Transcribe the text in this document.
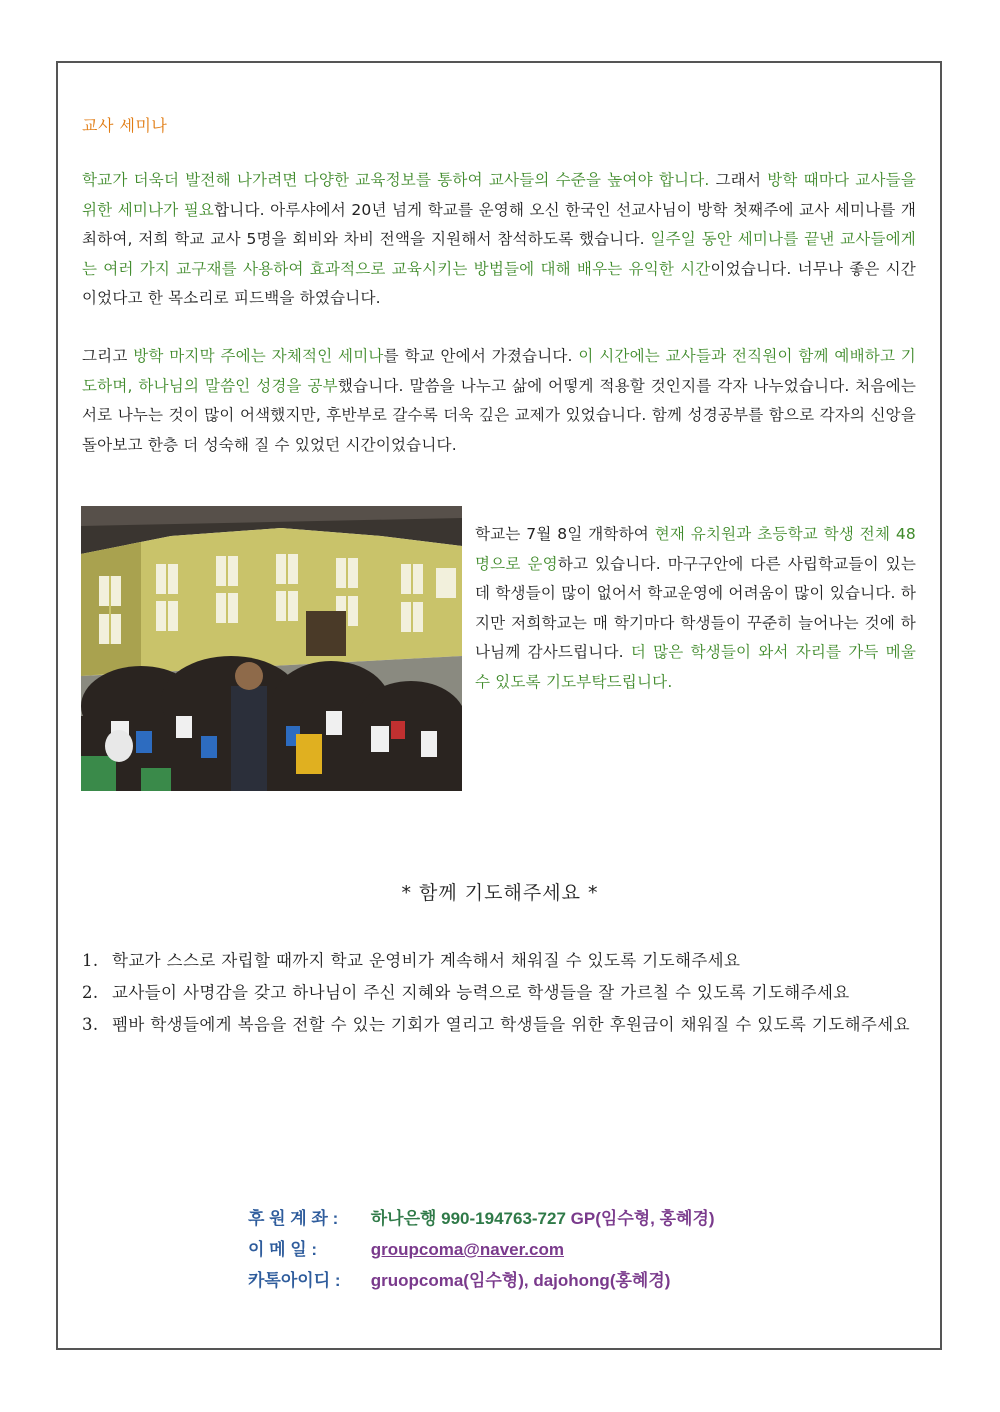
교사 세미나
학교가 더욱더 발전해 나가려면 다양한 교육정보를 통하여 교사들의 수준을 높여야 합니다. 그래서 방학 때마다 교사들을 위한 세미나가 필요합니다. 아루샤에서 20년 넘게 학교를 운영해 오신 한국인 선교사님이 방학 첫째주에 교사 세미나를 개최하여, 저희 학교 교사 5명을 회비와 차비 전액을 지원해서 참석하도록 했습니다. 일주일 동안 세미나를 끝낸 교사들에게는 여러 가지 교구재를 사용하여 효과적으로 교육시키는 방법들에 대해 배우는 유익한 시간이었습니다. 너무나 좋은 시간이었다고 한 목소리로 피드백을 하였습니다.
그리고 방학 마지막 주에는 자체적인 세미나를 학교 안에서 가졌습니다. 이 시간에는 교사들과 전직원이 함께 예배하고 기도하며, 하나님의 말씀인 성경을 공부했습니다. 말씀을 나누고 삶에 어떻게 적용할 것인지를 각자 나누었습니다. 처음에는 서로 나누는 것이 많이 어색했지만, 후반부로 갈수록 더욱 깊은 교제가 있었습니다. 함께 성경공부를 함으로 각자의 신앙을 돌아보고 한층 더 성숙해 질 수 있었던 시간이었습니다.
학교는 7월 8일 개학하여 현재 유치원과 초등학교 학생 전체 48명으로 운영하고 있습니다. 마구구안에 다른 사립학교들이 있는데 학생들이 많이 없어서 학교운영에 어려움이 많이 있습니다. 하지만 저희학교는 매 학기마다 학생들이 꾸준히 늘어나는 것에 하나님께 감사드립니다. 더 많은 학생들이 와서 자리를 가득 메울 수 있도록 기도부탁드립니다.
* 함께 기도해주세요 *
1. 학교가 스스로 자립할 때까지 학교 운영비가 계속해서 채워질 수 있도록 기도해주세요
2. 교사들이 사명감을 갖고 하나님이 주신 지혜와 능력으로 학생들을 잘 가르칠 수 있도록 기도해주세요
3. 펨바 학생들에게 복음을 전할 수 있는 기회가 열리고 학생들을 위한 후원금이 채워질 수 있도록 기도해주세요
후 원 계 좌 : 하나은행 990-194763-727 GP(임수형, 홍혜경)
이 메 일 :	groupcoma@naver.com
카톡아이디 : gruopcoma(임수형), dajohong(홍혜경)
